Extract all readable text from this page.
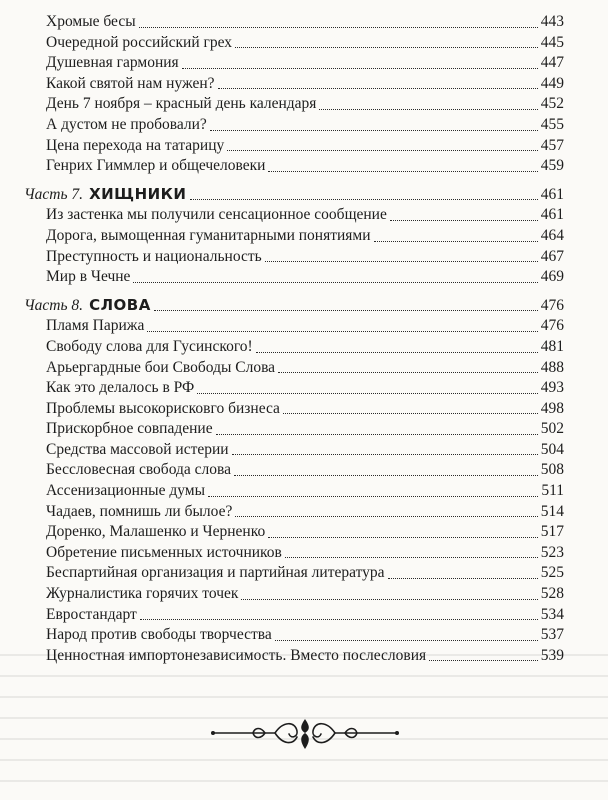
Хромые бесы	443
Очередной российский грех	445
Душевная гармония	447
Какой святой нам нужен?	449
День 7 ноября – красный день календаря	452
А дустом не пробовали?	455
Цена перехода на татарицу	457
Генрих Гиммлер и общечеловеки	459
Часть 7. ХИЩНИКИ	461
Из застенка мы получили сенсационное сообщение	461
Дорога, вымощенная гуманитарными понятиями	464
Преступность и национальность	467
Мир в Чечне	469
Часть 8. СЛОВА	476
Пламя Парижа	476
Свободу слова для Гусинского!	481
Арьергардные бои Свободы Слова	488
Как это делалось в РФ	493
Проблемы высокорисковго бизнеса	498
Прискорбное совпадение	502
Средства массовой истерии	504
Бессловесная свобода слова	508
Ассенизационные думы	511
Чадаев, помнишь ли былое?	514
Доренко, Малашенко и Черненко	517
Обретение письменных источников	523
Беспартийная организация и партийная литература	525
Журналистика горячих точек	528
Евростандарт	534
Народ против свободы творчества	537
Ценностная импортонезависимость. Вместо послесловия	539
